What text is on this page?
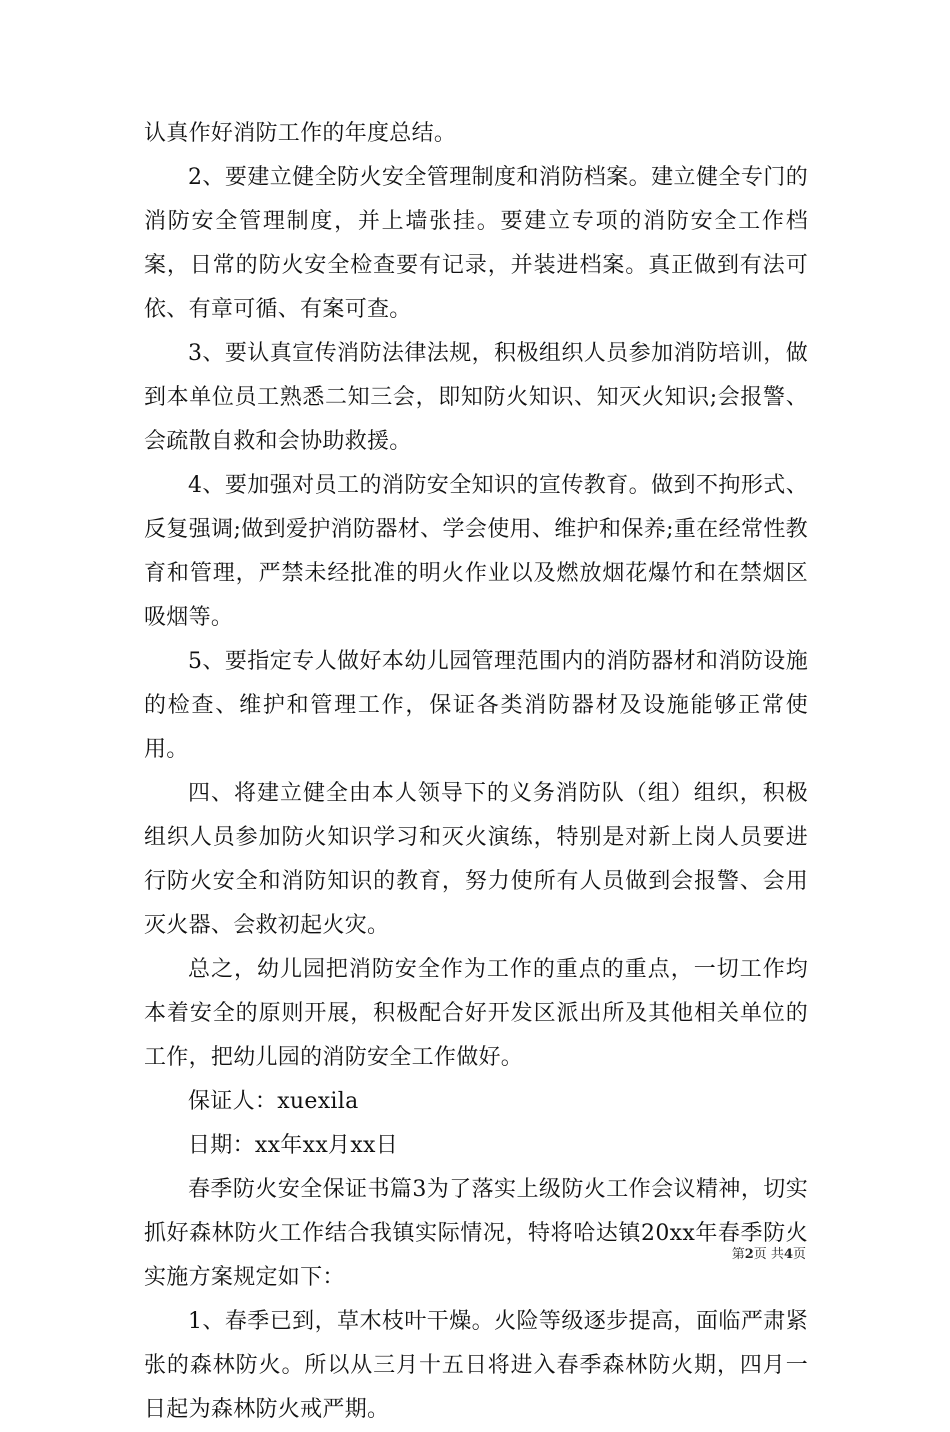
认真作好消防工作的年度总结。

2、要建立健全防火安全管理制度和消防档案。建立健全专门的消防安全管理制度，并上墙张挂。要建立专项的消防安全工作档案，日常的防火安全检查要有记录，并装进档案。真正做到有法可依、有章可循、有案可查。

3、要认真宣传消防法律法规，积极组织人员参加消防培训，做到本单位员工熟悉二知三会，即知防火知识、知灭火知识;会报警、会疏散自救和会协助救援。

4、要加强对员工的消防安全知识的宣传教育。做到不拘形式、反复强调;做到爱护消防器材、学会使用、维护和保养;重在经常性教育和管理，严禁未经批准的明火作业以及燃放烟花爆竹和在禁烟区吸烟等。

5、要指定专人做好本幼儿园管理范围内的消防器材和消防设施的检查、维护和管理工作，保证各类消防器材及设施能够正常使用。

四、将建立健全由本人领导下的义务消防队（组）组织，积极组织人员参加防火知识学习和灭火演练，特别是对新上岗人员要进行防火安全和消防知识的教育，努力使所有人员做到会报警、会用灭火器、会救初起火灾。

总之，幼儿园把消防安全作为工作的重点的重点，一切工作均本着安全的原则开展，积极配合好开发区派出所及其他相关单位的工作，把幼儿园的消防安全工作做好。

保证人：xuexila

日期：xx年xx月xx日

春季防火安全保证书篇3为了落实上级防火工作会议精神，切实抓好森林防火工作结合我镇实际情况，特将哈达镇20xx年春季防火实施方案规定如下：

1、春季已到，草木枝叶干燥。火险等级逐步提高，面临严肃紧张的森林防火。所以从三月十五日将进入春季森林防火期，四月一日起为森林防火戒严期。

第2页 共4页
